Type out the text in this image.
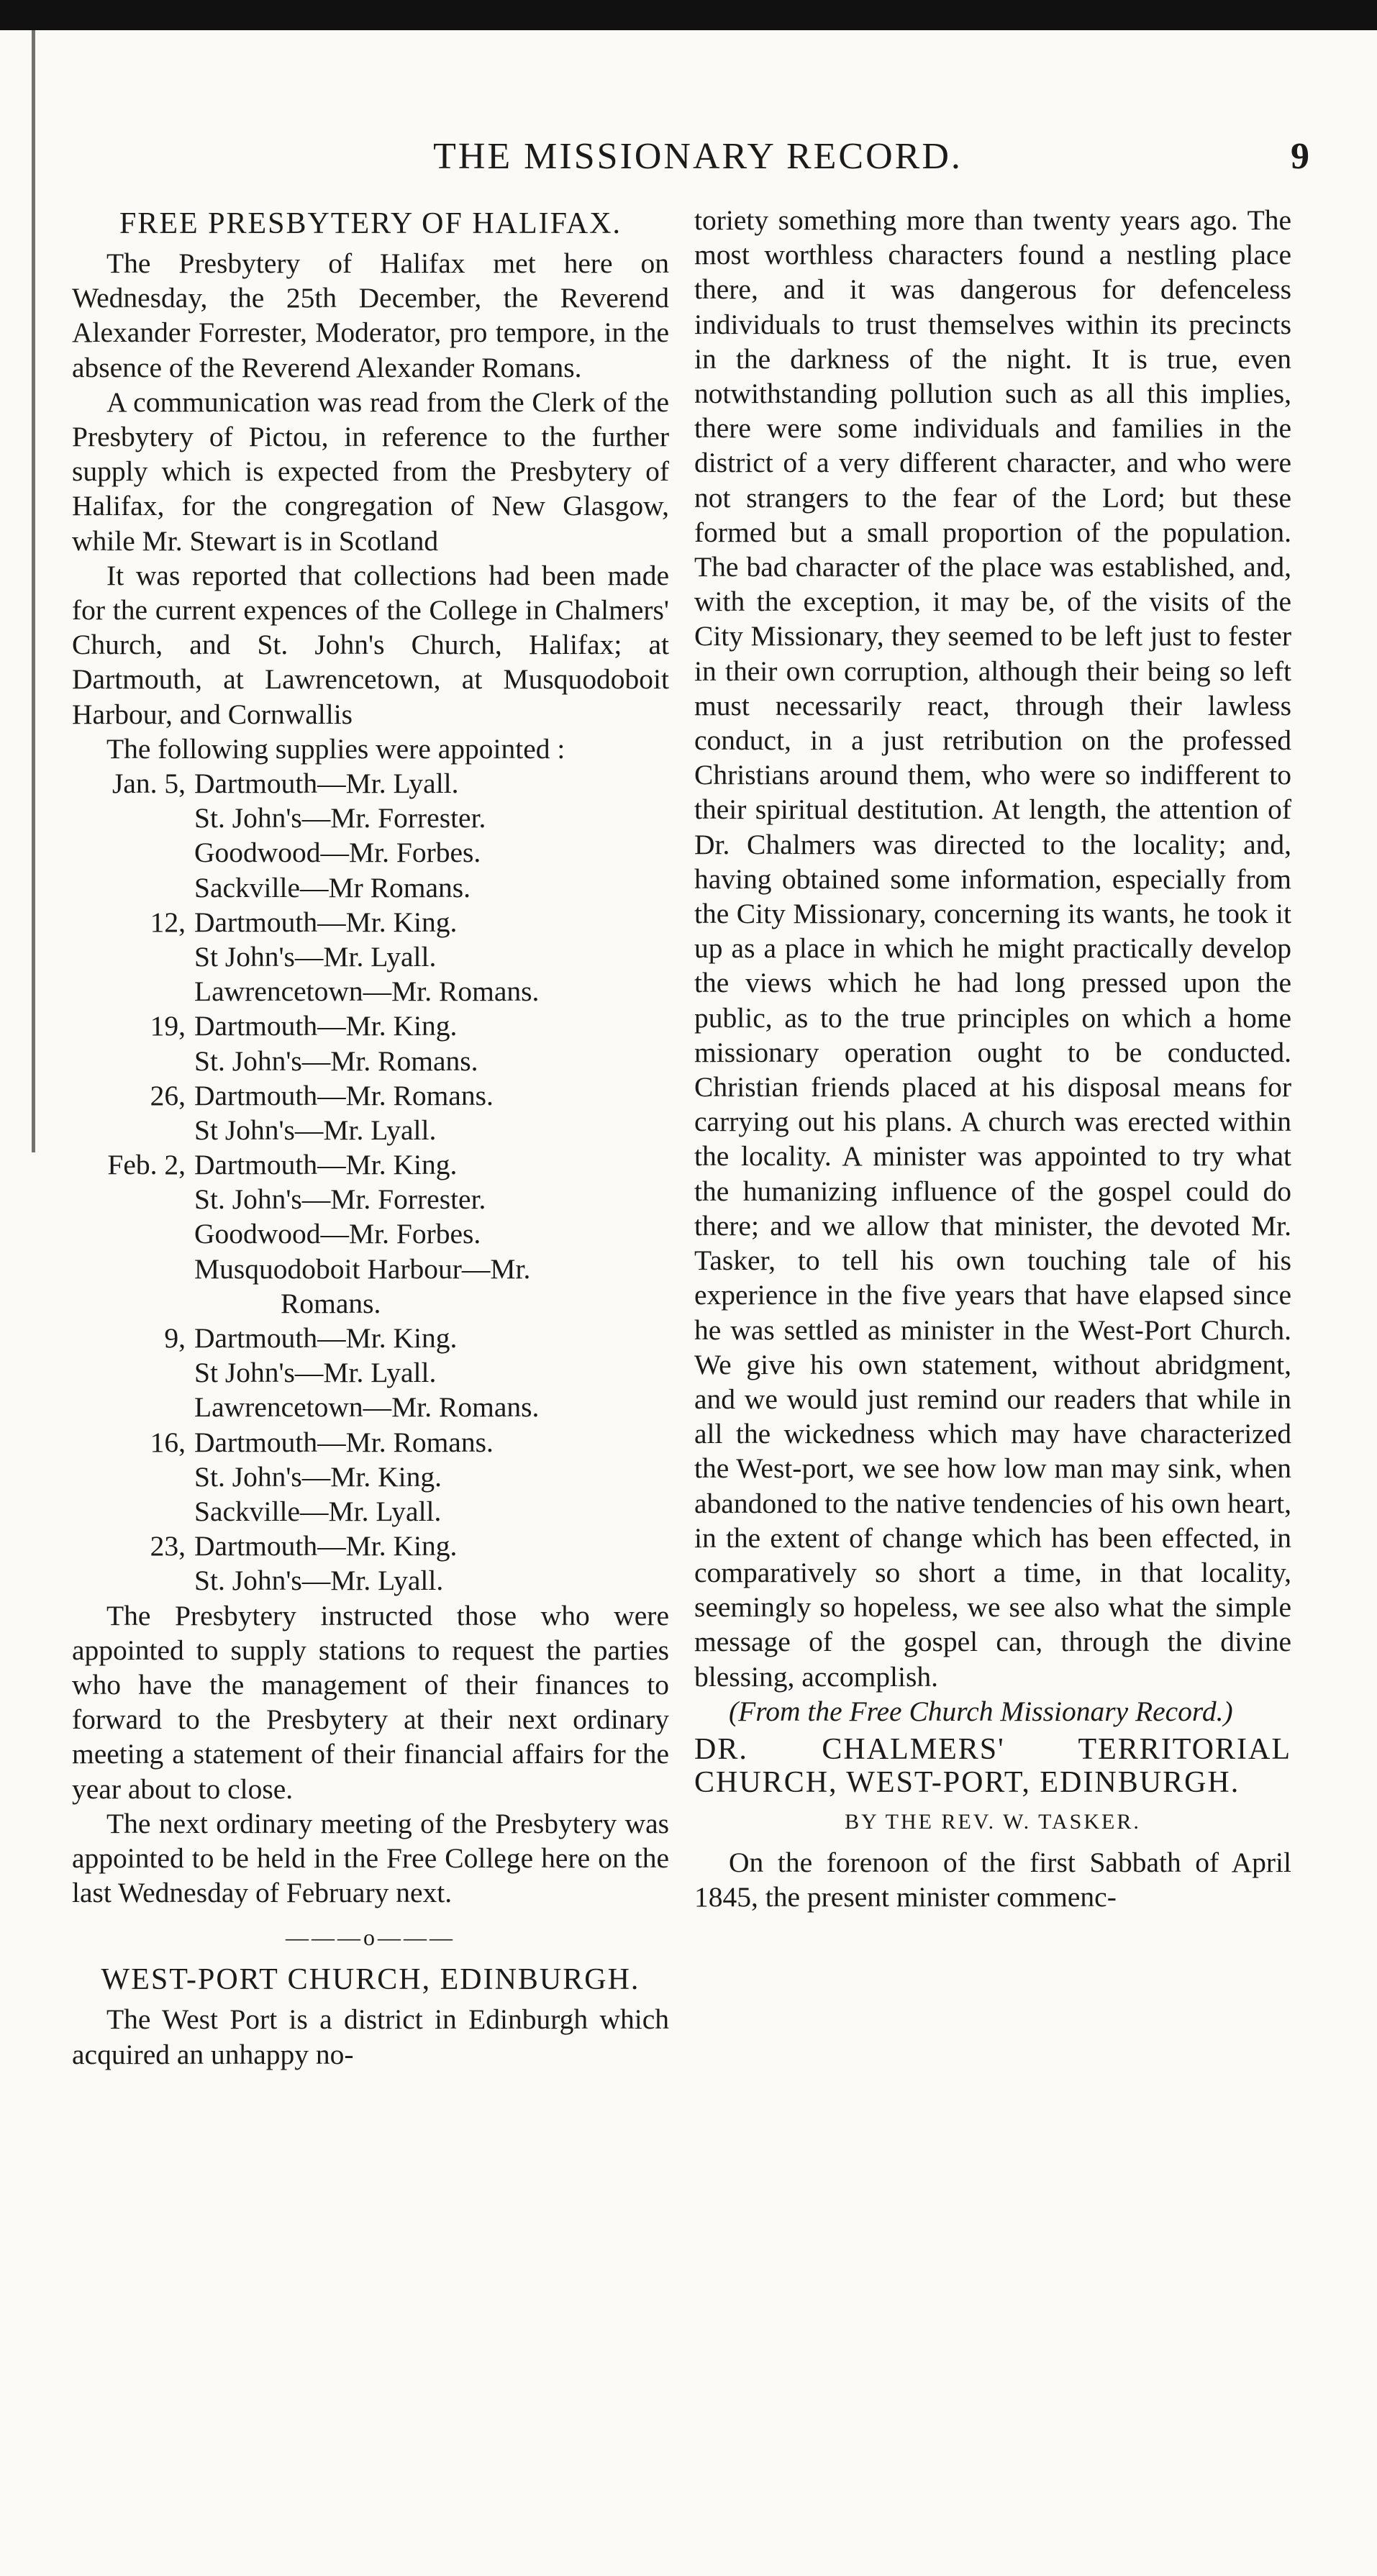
THE MISSIONARY RECORD.	9
FREE PRESBYTERY OF HALIFAX.

The Presbytery of Halifax met here on Wednesday, the 25th December, the Reverend Alexander Forrester, Moderator, pro tempore, in the absence of the Reverend Alexander Romans.

A communication was read from the Clerk of the Presbytery of Pictou, in reference to the further supply which is expected from the Presbytery of Halifax, for the congregation of New Glasgow, while Mr. Stewart is in Scotland

It was reported that collections had been made for the current expences of the College in Chalmers' Church, and St. John's Church, Halifax; at Dartmouth, at Lawrencetown, at Musquodoboit Harbour, and Cornwallis

The following supplies were appointed :

Jan. 5, Dartmouth—Mr. Lyall.
St. John's—Mr. Forrester.
Goodwood—Mr. Forbes.
Sackville—Mr Romans.
12, Dartmouth—Mr. King.
St John's—Mr. Lyall.
Lawrencetown—Mr. Romans.
19, Dartmouth—Mr. King.
St. John's—Mr. Romans.
26, Dartmouth—Mr. Romans.
St John's—Mr. Lyall.
Feb. 2, Dartmouth—Mr. King.
St. John's—Mr. Forrester.
Goodwood—Mr. Forbes.
Musquodoboit Harbour—Mr.
Romans.
9, Dartmouth—Mr. King.
St John's—Mr. Lyall.
Lawrencetown—Mr. Romans.
16, Dartmouth—Mr. Romans.
St. John's—Mr. King.
Sackville—Mr. Lyall.
23, Dartmouth—Mr. King.
St. John's—Mr. Lyall.

The Presbytery instructed those who were appointed to supply stations to request the parties who have the management of their finances to forward to the Presbytery at their next ordinary meeting a statement of their financial affairs for the year about to close.

The next ordinary meeting of the Presbytery was appointed to be held in the Free College here on the last Wednesday of February next.

———o———
WEST-PORT CHURCH, EDINBURGH.

The West Port is a district in Edinburgh which acquired an unhappy no-

toriety something more than twenty years ago. The most worthless characters found a nestling place there, and it was dangerous for defenceless individuals to trust themselves within its precincts in the darkness of the night. It is true, even notwithstanding pollution such as all this implies, there were some individuals and families in the district of a very different character, and who were not strangers to the fear of the Lord; but these formed but a small proportion of the population. The bad character of the place was established, and, with the exception, it may be, of the visits of the City Missionary, they seemed to be left just to fester in their own corruption, although their being so left must necessarily react, through their lawless conduct, in a just retribution on the professed Christians around them, who were so indifferent to their spiritual destitution. At length, the attention of Dr. Chalmers was directed to the locality; and, having obtained some information, especially from the City Missionary, concerning its wants, he took it up as a place in which he might practically develop the views which he had long pressed upon the public, as to the true principles on which a home missionary operation ought to be conducted. Christian friends placed at his disposal means for carrying out his plans. A church was erected within the locality. A minister was appointed to try what the humanizing influence of the gospel could do there; and we allow that minister, the devoted Mr. Tasker, to tell his own touching tale of his experience in the five years that have elapsed since he was settled as minister in the West-Port Church. We give his own statement, without abridgment, and we would just remind our readers that while in all the wickedness which may have characterized the West-port, we see how low man may sink, when abandoned to the native tendencies of his own heart, in the extent of change which has been effected, in comparatively so short a time, in that locality, seemingly so hopeless, we see also what the simple message of the gospel can, through the divine blessing, accomplish.

(From the Free Church Missionary Record.)

DR. CHALMERS' TERRITORIAL CHURCH, WEST-PORT, EDINBURGH.
BY THE REV. W. TASKER.

On the forenoon of the first Sabbath of April 1845, the present minister commenc-
